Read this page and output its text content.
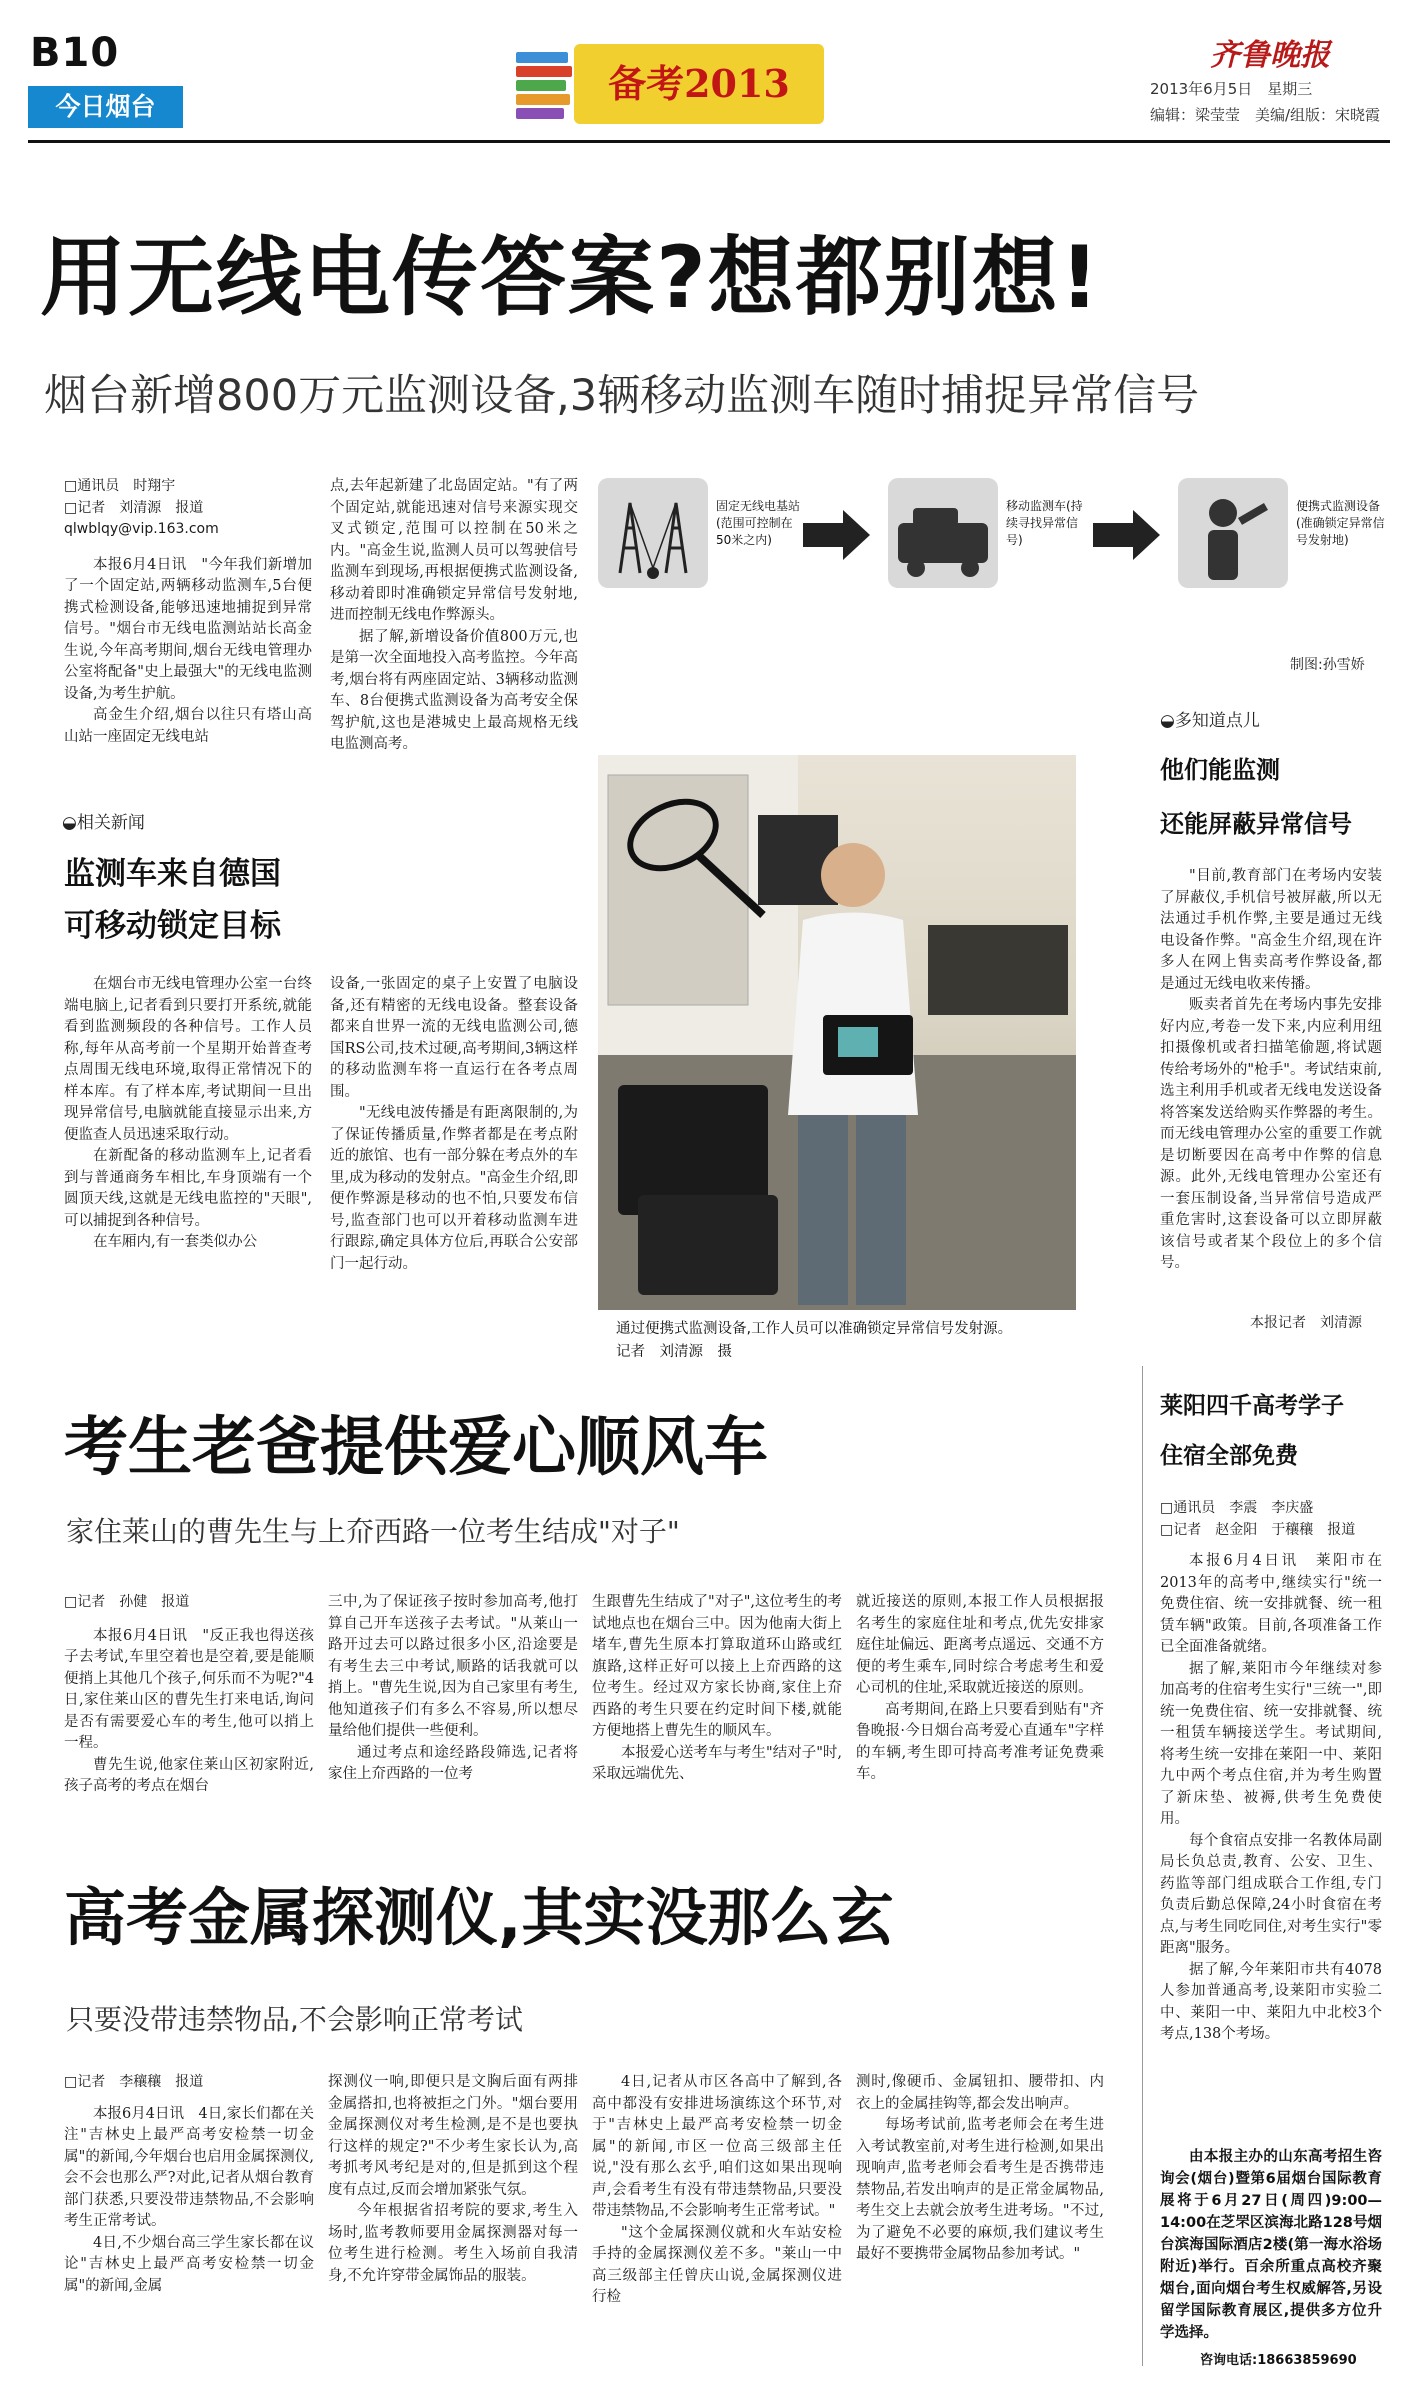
B10
今日烟台
备考2013
齐鲁晚报
2013年6月5日　星期三
编辑：梁莹莹　美编/组版：宋晓霞
用无线电传答案?想都别想!
烟台新增800万元监测设备,3辆移动监测车随时捕捉异常信号
□通讯员　时翔宇
□记者　刘清源　报道
qlwblqy@vip.163.com

本报6月4日讯　"今年我们新增加了一个固定站,两辆移动监测车,5台便携式检测设备,能够迅速地捕捉到异常信号。"烟台市无线电监测站站长高金生说,今年高考期间,烟台无线电管理办公室将配备"史上最强大"的无线电监测设备,为考生护航。

高金生介绍,烟台以往只有塔山高山站一座固定无线电站

点,去年起新建了北岛固定站。"有了两个固定站,就能迅速对信号来源实现交叉式锁定,范围可以控制在50米之内。"高金生说,监测人员可以驾驶信号监测车到现场,再根据便携式监测设备,移动着即时准确锁定异常信号发射地,进而控制无线电作弊源头。

据了解,新增设备价值800万元,也是第一次全面地投入高考监控。今年高考,烟台将有两座固定站、3辆移动监测车、8台便携式监测设备为高考安全保驾护航,这也是港城史上最高规格无线电监测高考。

固定无线电基站(范围可控制在50米之内)
移动监测车(持续寻找异常信号)
便携式监测设备(准确锁定异常信号发射地)
制图:孙雪娇
通过便携式监测设备,工作人员可以准确锁定异常信号发射源。
记者　刘清源　摄
◒相关新闻
监测车来自德国
可移动锁定目标

在烟台市无线电管理办公室一台终端电脑上,记者看到只要打开系统,就能看到监测频段的各种信号。工作人员称,每年从高考前一个星期开始普查考点周围无线电环境,取得正常情况下的样本库。有了样本库,考试期间一旦出现异常信号,电脑就能直接显示出来,方便监查人员迅速采取行动。

在新配备的移动监测车上,记者看到与普通商务车相比,车身顶端有一个圆顶天线,这就是无线电监控的"天眼",可以捕捉到各种信号。

在车厢内,有一套类似办公

设备,一张固定的桌子上安置了电脑设备,还有精密的无线电设备。整套设备都来自世界一流的无线电监测公司,德国RS公司,技术过硬,高考期间,3辆这样的移动监测车将一直运行在各考点周围。

"无线电波传播是有距离限制的,为了保证传播质量,作弊者都是在考点附近的旅馆、也有一部分躲在考点外的车里,成为移动的发射点。"高金生介绍,即便作弊源是移动的也不怕,只要发布信号,监查部门也可以开着移动监测车进行跟踪,确定具体方位后,再联合公安部门一起行动。

◒多知道点儿
他们能监测
还能屏蔽异常信号

"目前,教育部门在考场内安装了屏蔽仪,手机信号被屏蔽,所以无法通过手机作弊,主要是通过无线电设备作弊。"高金生介绍,现在许多人在网上售卖高考作弊设备,都是通过无线电收来传播。

贩卖者首先在考场内事先安排好内应,考卷一发下来,内应利用纽扣摄像机或者扫描笔偷题,将试题传给考场外的"枪手"。考试结束前,选主利用手机或者无线电发送设备将答案发送给购买作弊器的考生。而无线电管理办公室的重要工作就是切断要因在高考中作弊的信息源。此外,无线电管理办公室还有一套压制设备,当异常信号造成严重危害时,这套设备可以立即屏蔽该信号或者某个段位上的多个信号。

本报记者　刘清源
考生老爸提供爱心顺风车
家住莱山的曹先生与上夼西路一位考生结成"对子"
□记者　孙健　报道

本报6月4日讯　"反正我也得送孩子去考试,车里空着也是空着,要是能顺便捎上其他几个孩子,何乐而不为呢?"4日,家住莱山区的曹先生打来电话,询问是否有需要爱心车的考生,他可以捎上一程。

曹先生说,他家住莱山区初家附近,孩子高考的考点在烟台

三中,为了保证孩子按时参加高考,他打算自己开车送孩子去考试。"从莱山一路开过去可以路过很多小区,沿途要是有考生去三中考试,顺路的话我就可以捎上。"曹先生说,因为自己家里有考生,他知道孩子们有多么不容易,所以想尽量给他们提供一些便利。

通过考点和途经路段筛选,记者将家住上夼西路的一位考

生跟曹先生结成了"对子",这位考生的考试地点也在烟台三中。因为他南大街上堵车,曹先生原本打算取道环山路或红旗路,这样正好可以接上上夼西路的这位考生。经过双方家长协商,家住上夼西路的考生只要在约定时间下楼,就能方便地搭上曹先生的顺风车。

本报爱心送考车与考生"结对子"时,采取远端优先、

就近接送的原则,本报工作人员根据报名考生的家庭住址和考点,优先安排家庭住址偏远、距离考点遥远、交通不方便的考生乘车,同时综合考虑考生和爱心司机的住址,采取就近接送的原则。

高考期间,在路上只要看到贴有"齐鲁晚报·今日烟台高考爱心直通车"字样的车辆,考生即可持高考准考证免费乘车。

莱阳四千高考学子
住宿全部免费
□通讯员　李震　李庆盛
□记者　赵金阳　于穰穰　报道

本报6月4日讯　莱阳市在2013年的高考中,继续实行"统一免费住宿、统一安排就餐、统一租赁车辆"政策。目前,各项准备工作已全面准备就绪。

据了解,莱阳市今年继续对参加高考的住宿考生实行"三统一",即统一免费住宿、统一安排就餐、统一租赁车辆接送学生。考试期间,将考生统一安排在莱阳一中、莱阳九中两个考点住宿,并为考生购置了新床垫、被褥,供考生免费使用。

每个食宿点安排一名教体局副局长负总责,教育、公安、卫生、药监等部门组成联合工作组,专门负责后勤总保障,24小时食宿在考点,与考生同吃同住,对考生实行"零距离"服务。

据了解,今年莱阳市共有4078人参加普通高考,设莱阳市实验二中、莱阳一中、莱阳九中北校3个考点,138个考场。

由本报主办的山东高考招生咨询会(烟台)暨第6届烟台国际教育展将于6月27日(周四)9:00—14:00在芝罘区滨海北路128号烟台滨海国际酒店2楼(第一海水浴场附近)举行。百余所重点高校齐聚烟台,面向烟台考生权威解答,另设留学国际教育展区,提供多方位升学选择。
咨询电话:18663859690
高考金属探测仪,其实没那么玄
只要没带违禁物品,不会影响正常考试
□记者　李穰穰　报道

本报6月4日讯　4日,家长们都在关注"吉林史上最严高考安检禁一切金属"的新闻,今年烟台也启用金属探测仪,会不会也那么严?对此,记者从烟台教育部门获悉,只要没带违禁物品,不会影响考生正常考试。

4日,不少烟台高三学生家长都在议论"吉林史上最严高考安检禁一切金属"的新闻,金属

探测仪一响,即便只是文胸后面有两排金属搭扣,也将被拒之门外。"烟台要用金属探测仪对考生检测,是不是也要执行这样的规定?"不少考生家长认为,高考抓考风考纪是对的,但是抓到这个程度有点过,反而会增加紧张气氛。

今年根据省招考院的要求,考生入场时,监考教师要用金属探测器对每一位考生进行检测。考生入场前自我清身,不允许穿带金属饰品的服装。

4日,记者从市区各高中了解到,各高中都没有安排进场演练这个环节,对于"吉林史上最严高考安检禁一切金属"的新闻,市区一位高三级部主任说,"没有那么玄乎,咱们这如果出现响声,会看考生有没有带违禁物品,只要没带违禁物品,不会影响考生正常考试。"

"这个金属探测仪就和火车站安检手持的金属探测仪差不多。"莱山一中高三级部主任曾庆山说,金属探测仪进行检

测时,像硬币、金属钮扣、腰带扣、内衣上的金属挂钩等,都会发出响声。

每场考试前,监考老师会在考生进入考试教室前,对考生进行检测,如果出现响声,监考老师会看考生是否携带违禁物品,若发出响声的是正常金属物品,考生交上去就会放考生进考场。"不过,为了避免不必要的麻烦,我们建议考生最好不要携带金属物品参加考试。"
